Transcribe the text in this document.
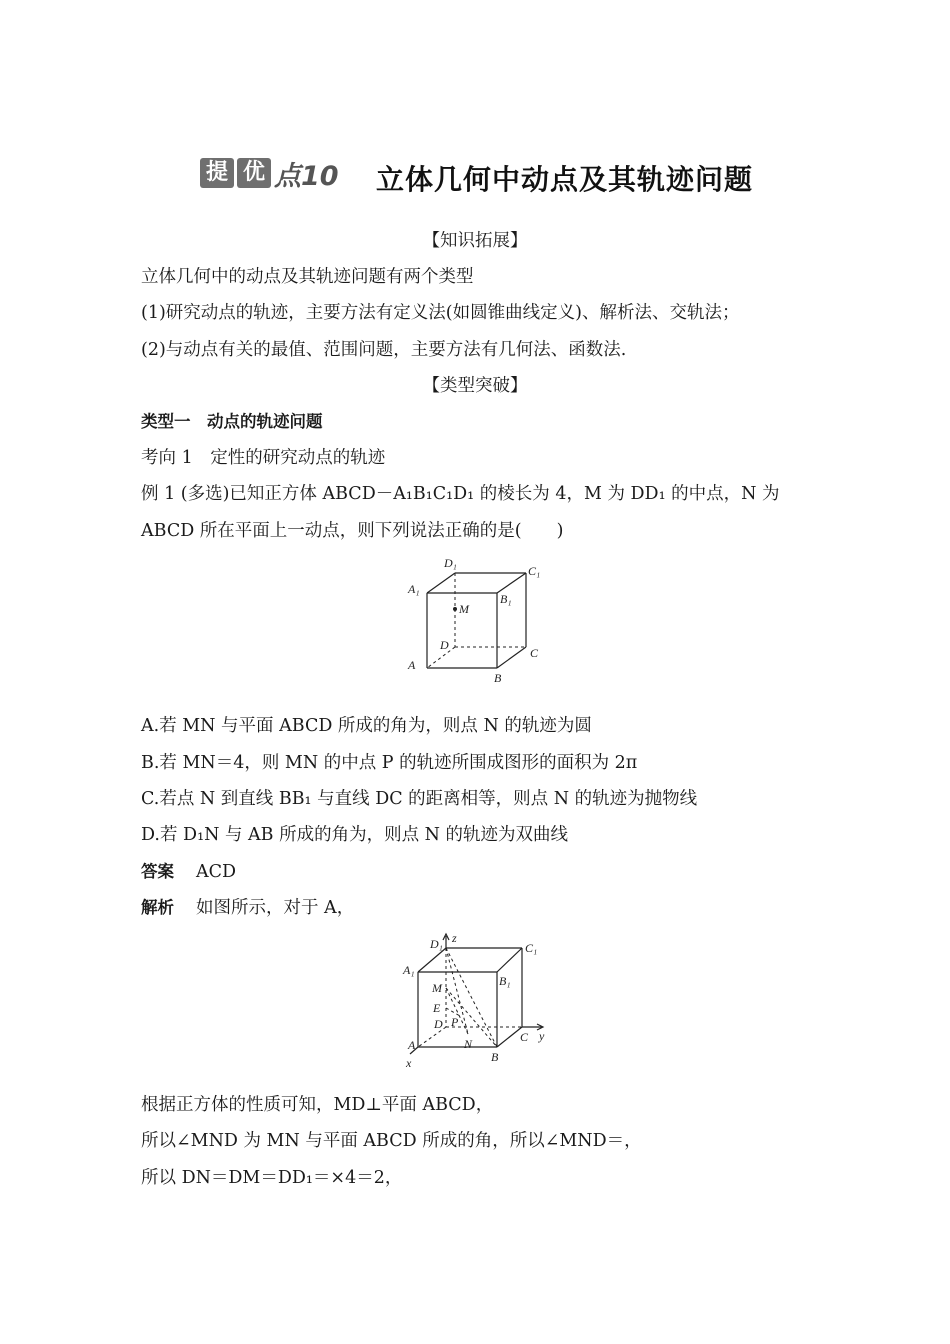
提 优 点10 立体几何中动点及其轨迹问题
【知识拓展】
立体几何中的动点及其轨迹问题有两个类型
(1)研究动点的轨迹，主要方法有定义法(如圆锥曲线定义)、解析法、交轨法；
(2)与动点有关的最值、范围问题，主要方法有几何法、函数法.
【类型突破】
类型一　动点的轨迹问题
考向 1　定性的研究动点的轨迹
例 1 (多选)已知正方体 ABCD－A₁B₁C₁D₁ 的棱长为 4，M 为 DD₁ 的中点，N 为
ABCD 所在平面上一动点，则下列说法正确的是(　　)
D₁
C₁
A₁
B₁
M
D
C
A
B
A.若 MN 与平面 ABCD 所成的角为，则点 N 的轨迹为圆
B.若 MN＝4，则 MN 的中点 P 的轨迹所围成图形的面积为 2π
C.若点 N 到直线 BB₁ 与直线 DC 的距离相等，则点 N 的轨迹为抛物线
D.若 D₁N 与 AB 所成的角为，则点 N 的轨迹为双曲线
答案 ACD
解析 如图所示，对于 A，
D₁ z
C₁
A₁
B₁
M
E
D P
C y
A	N
B
x
根据正方体的性质可知，MD⊥平面 ABCD，
所以∠MND 为 MN 与平面 ABCD 所成的角，所以∠MND＝，
所以 DN＝DM＝DD₁＝×4＝2，
